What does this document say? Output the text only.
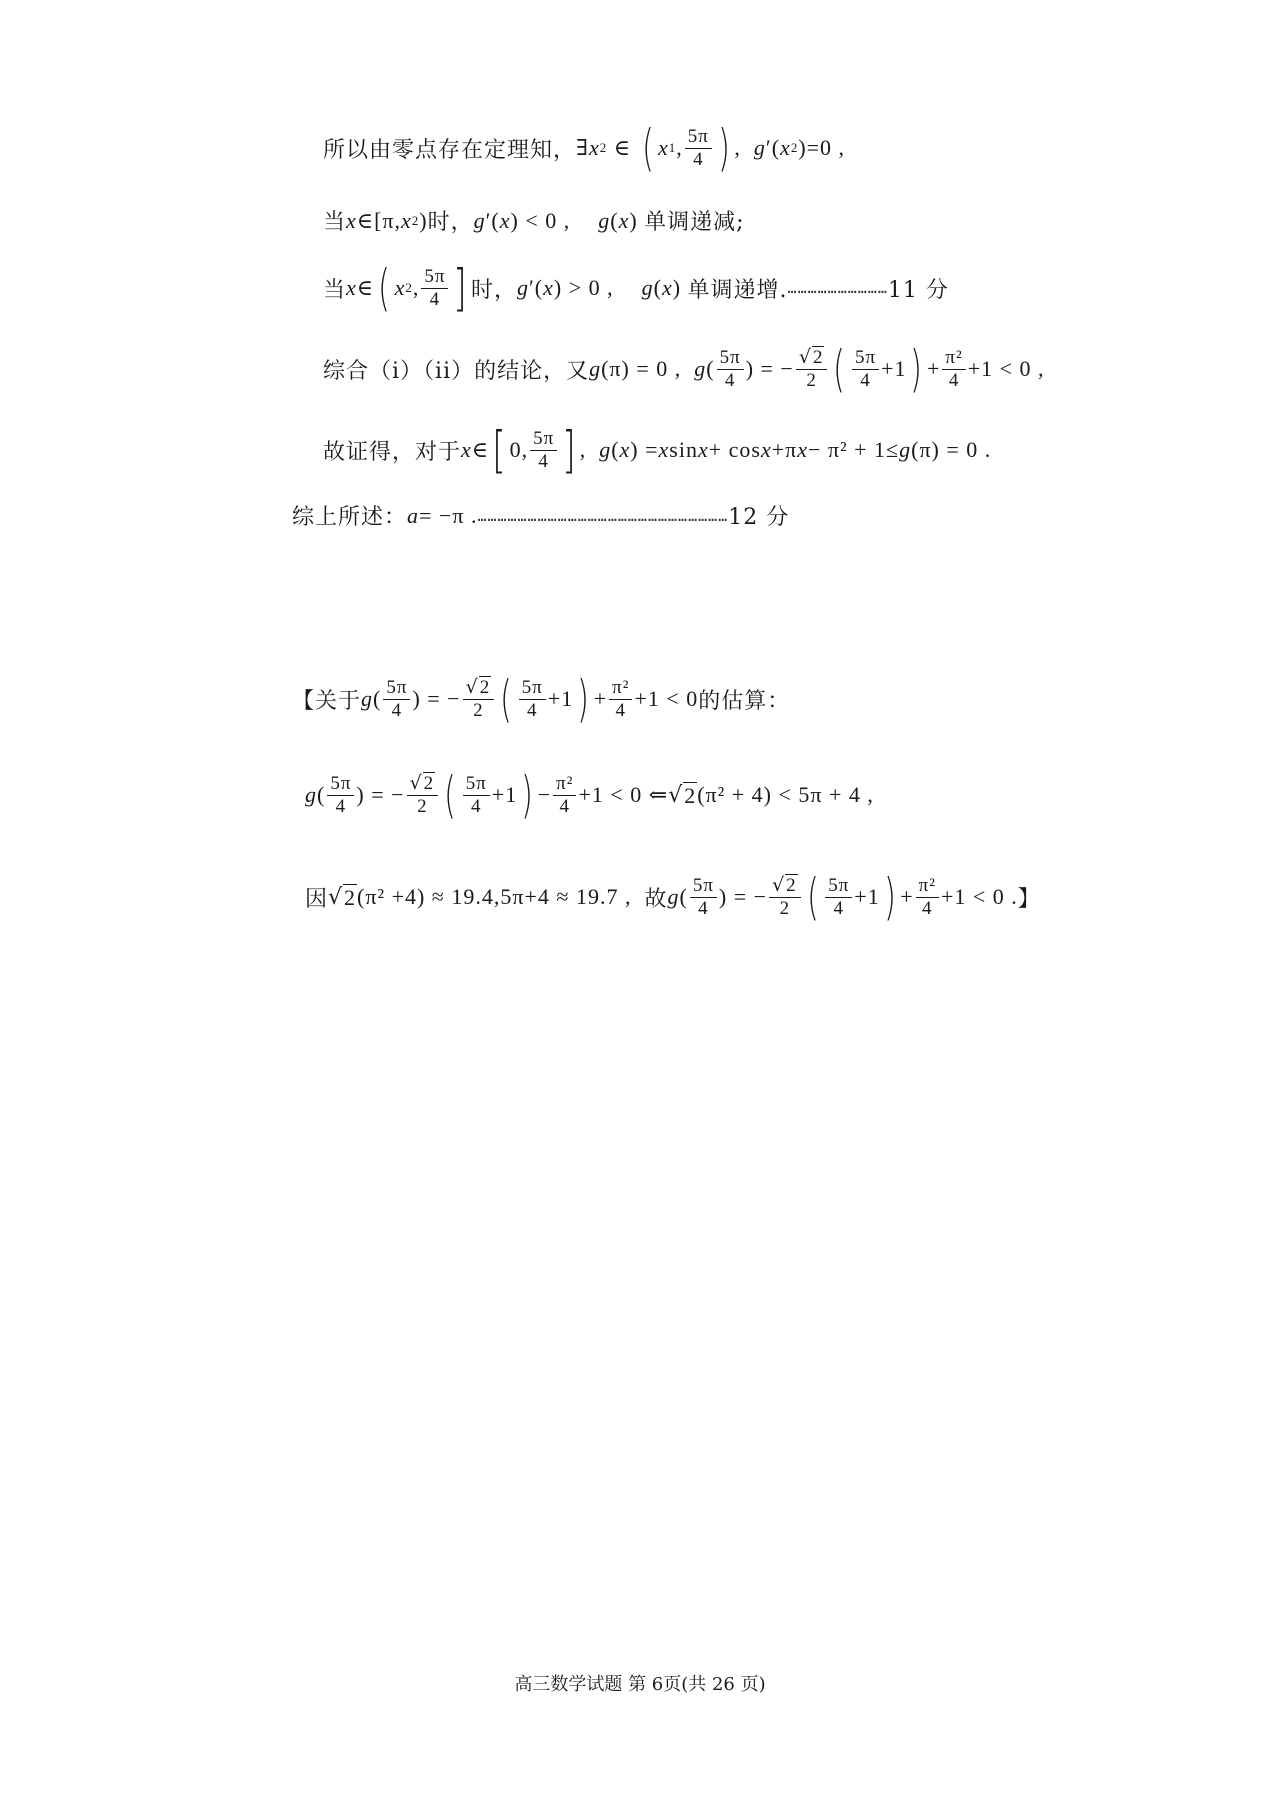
所以由零点存在定理知， ∃ x 2 ∈ ( x 1 , $\frac{5\pi}{4}$ ) , g ′( x 2 )=0 ,
当 x ∈[π, x 2 ) 时， g ′( x ) < 0 , g ( x ) 单调递减;
当 x ∈ ( x 2 , $\frac{5\pi}{4}$ ] 时， g ′( x ) > 0 , g ( x ) 单调递增. ………………………… 11 分
综合（i）（ii）的结论，又 g (π) = 0 , g ( $\frac{5\pi}{4}$ ) = − $\frac{√2}{2}$ ( $\frac{5\pi}{4} +1$ ) + $\frac{\text{π²}}{4} +1 < 0$ ,
故证得，对于 x ∈ [ 0, $\frac{5\pi}{4}$ ] , g ( x ) = x sin x + cos x +π x − π² + 1≤ g (π) = 0 .
综上所述： a = −π . ………………………………………………………………… 12 分
【关于 g ( $\frac{5\pi}{4}$ ) = − $\frac{√2}{2}$ ( $\frac{5\pi}{4} +1$ ) + $\frac{\text{π²}}{4} +1 < 0$ 的估算：
g ( $\frac{5\pi}{4}$ ) = − $\frac{√2}{2}$ ( $\frac{5\pi}{4} +1$ ) − $\frac{\text{π²}}{4} +1 < 0$ ⇐ √ 2 (π² + 4) < 5π + 4 ,
因 √ 2 (π² +4) ≈ 19.4,5π+4 ≈ 19.7 , 故 g ( $\frac{5\pi}{4}$ ) = − $\frac{√2}{2}$ ( $\frac{5\pi}{4} +1$ ) + $\frac{\text{π²}}{4} +1 < 0$ . 】
高三数学试题 第 6页(共 26 页)
